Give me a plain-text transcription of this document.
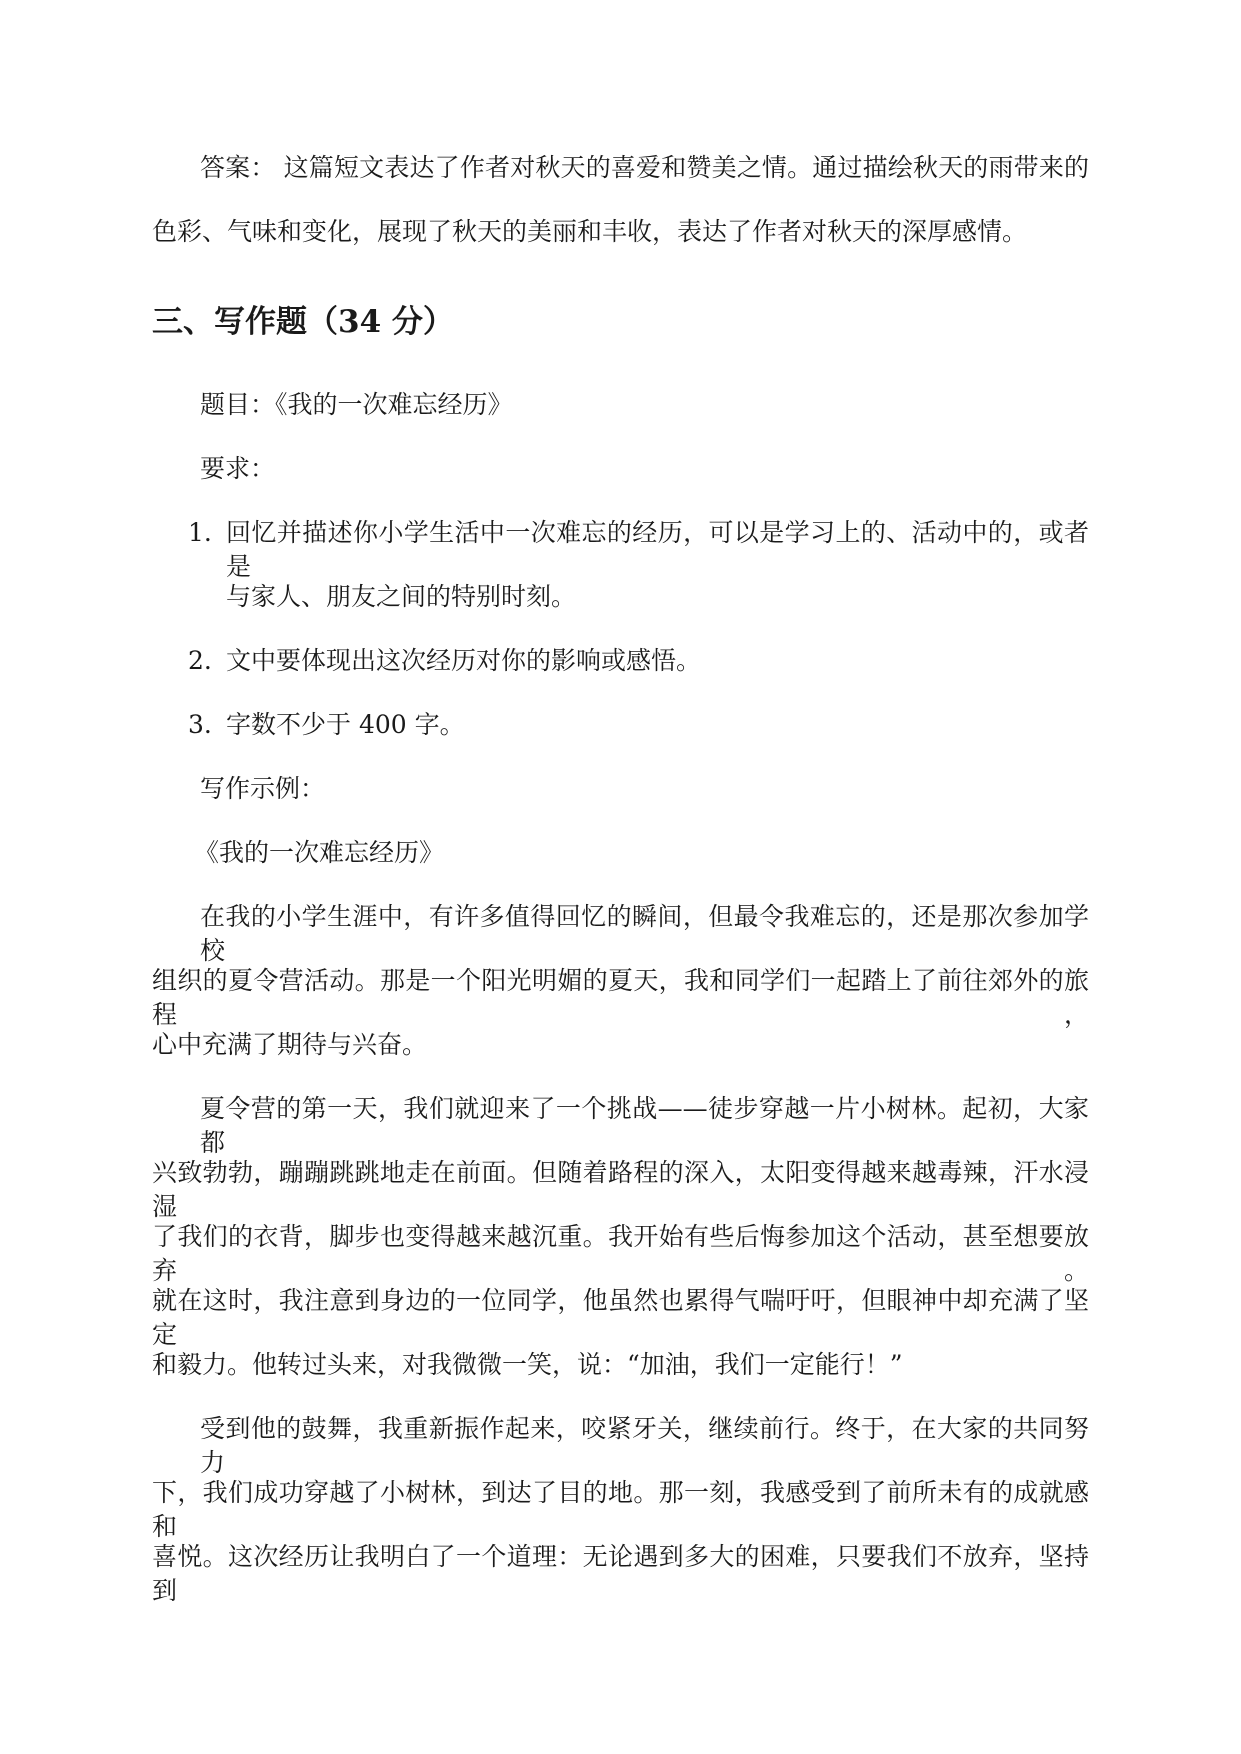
答案： 这篇短文表达了作者对秋天的喜爱和赞美之情。通过描绘秋天的雨带来的
色彩、气味和变化，展现了秋天的美丽和丰收，表达了作者对秋天的深厚感情。
三、写作题（34 分）
题目：《我的一次难忘经历》
要求：
1. 回忆并描述你小学生活中一次难忘的经历，可以是学习上的、活动中的，或者是
与家人、朋友之间的特别时刻。
2. 文中要体现出这次经历对你的影响或感悟。
3. 字数不少于 400 字。
写作示例：
《我的一次难忘经历》
在我的小学生涯中，有许多值得回忆的瞬间，但最令我难忘的，还是那次参加学校
组织的夏令营活动。那是一个阳光明媚的夏天，我和同学们一起踏上了前往郊外的旅程，
心中充满了期待与兴奋。
夏令营的第一天，我们就迎来了一个挑战——徒步穿越一片小树林。起初，大家都
兴致勃勃，蹦蹦跳跳地走在前面。但随着路程的深入，太阳变得越来越毒辣，汗水浸湿
了我们的衣背，脚步也变得越来越沉重。我开始有些后悔参加这个活动，甚至想要放弃。
就在这时，我注意到身边的一位同学，他虽然也累得气喘吁吁，但眼神中却充满了坚定
和毅力。他转过头来，对我微微一笑，说：“加油，我们一定能行！”
受到他的鼓舞，我重新振作起来，咬紧牙关，继续前行。终于，在大家的共同努力
下，我们成功穿越了小树林，到达了目的地。那一刻，我感受到了前所未有的成就感和
喜悦。这次经历让我明白了一个道理：无论遇到多大的困难，只要我们不放弃，坚持到
